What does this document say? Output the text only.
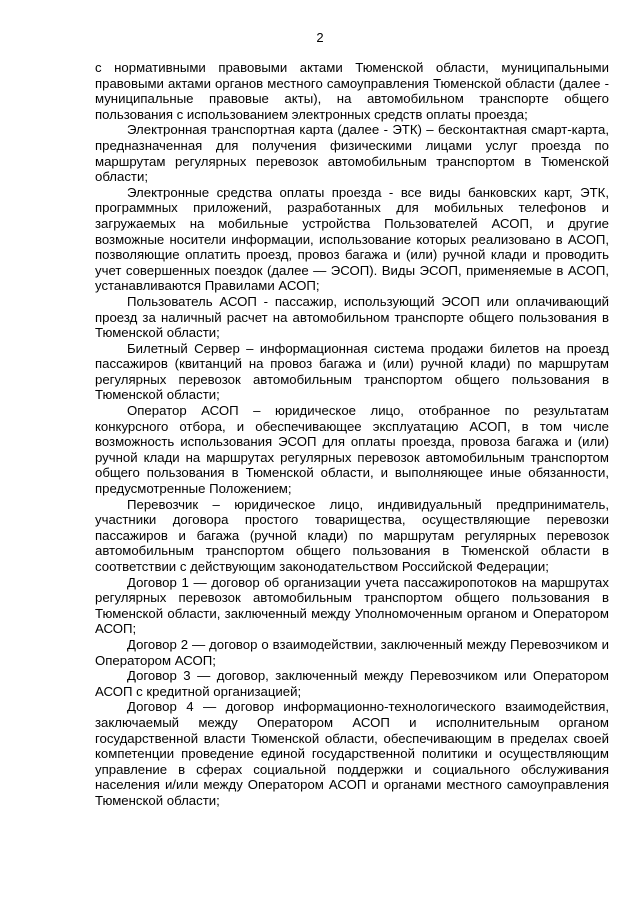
2

с нормативными правовыми актами Тюменской области, муниципальными правовыми актами органов местного самоуправления Тюменской области (далее - муниципальные правовые акты), на автомобильном транспорте общего пользования с использованием электронных средств оплаты проезда;

Электронная транспортная карта (далее - ЭТК) – бесконтактная смарт-карта, предназначенная для получения физическими лицами услуг проезда по маршрутам регулярных перевозок автомобильным транспортом в Тюменской области;

Электронные средства оплаты проезда - все виды банковских карт, ЭТК, программных приложений, разработанных для мобильных телефонов и загружаемых на мобильные устройства Пользователей АСОП, и другие возможные носители информации, использование которых реализовано в АСОП, позволяющие оплатить проезд, провоз багажа и (или) ручной клади и проводить учет совершенных поездок (далее — ЭСОП). Виды ЭСОП, применяемые в АСОП, устанавливаются Правилами АСОП;

Пользователь АСОП - пассажир, использующий ЭСОП или оплачивающий проезд за наличный расчет на автомобильном транспорте общего пользования в Тюменской области;

Билетный Сервер – информационная система продажи билетов на проезд пассажиров (квитанций на провоз багажа и (или) ручной клади) по маршрутам регулярных перевозок автомобильным транспортом общего пользования в Тюменской области;

Оператор АСОП – юридическое лицо, отобранное по результатам конкурсного отбора, и обеспечивающее эксплуатацию АСОП, в том числе возможность использования ЭСОП для оплаты проезда, провоза багажа и (или) ручной клади на маршрутах регулярных перевозок автомобильным транспортом общего пользования в Тюменской области, и выполняющее иные обязанности, предусмотренные Положением;

Перевозчик – юридическое лицо, индивидуальный предприниматель, участники договора простого товарищества, осуществляющие перевозки пассажиров и багажа (ручной клади) по маршрутам регулярных перевозок автомобильным транспортом общего пользования в Тюменской области в соответствии с действующим законодательством Российской Федерации;

Договор 1 — договор об организации учета пассажиропотоков на маршрутах регулярных перевозок автомобильным транспортом общего пользования в Тюменской области, заключенный между Уполномоченным органом и Оператором АСОП;

Договор 2 — договор о взаимодействии, заключенный между Перевозчиком и Оператором АСОП;

Договор 3 — договор, заключенный между Перевозчиком или Оператором АСОП с кредитной организацией;

Договор 4 — договор информационно-технологического взаимодействия, заключаемый между Оператором АСОП и исполнительным органом государственной власти Тюменской области, обеспечивающим в пределах своей компетенции проведение единой государственной политики и осуществляющим управление в сферах социальной поддержки и социального обслуживания населения и/или между Оператором АСОП и органами местного самоуправления Тюменской области;
